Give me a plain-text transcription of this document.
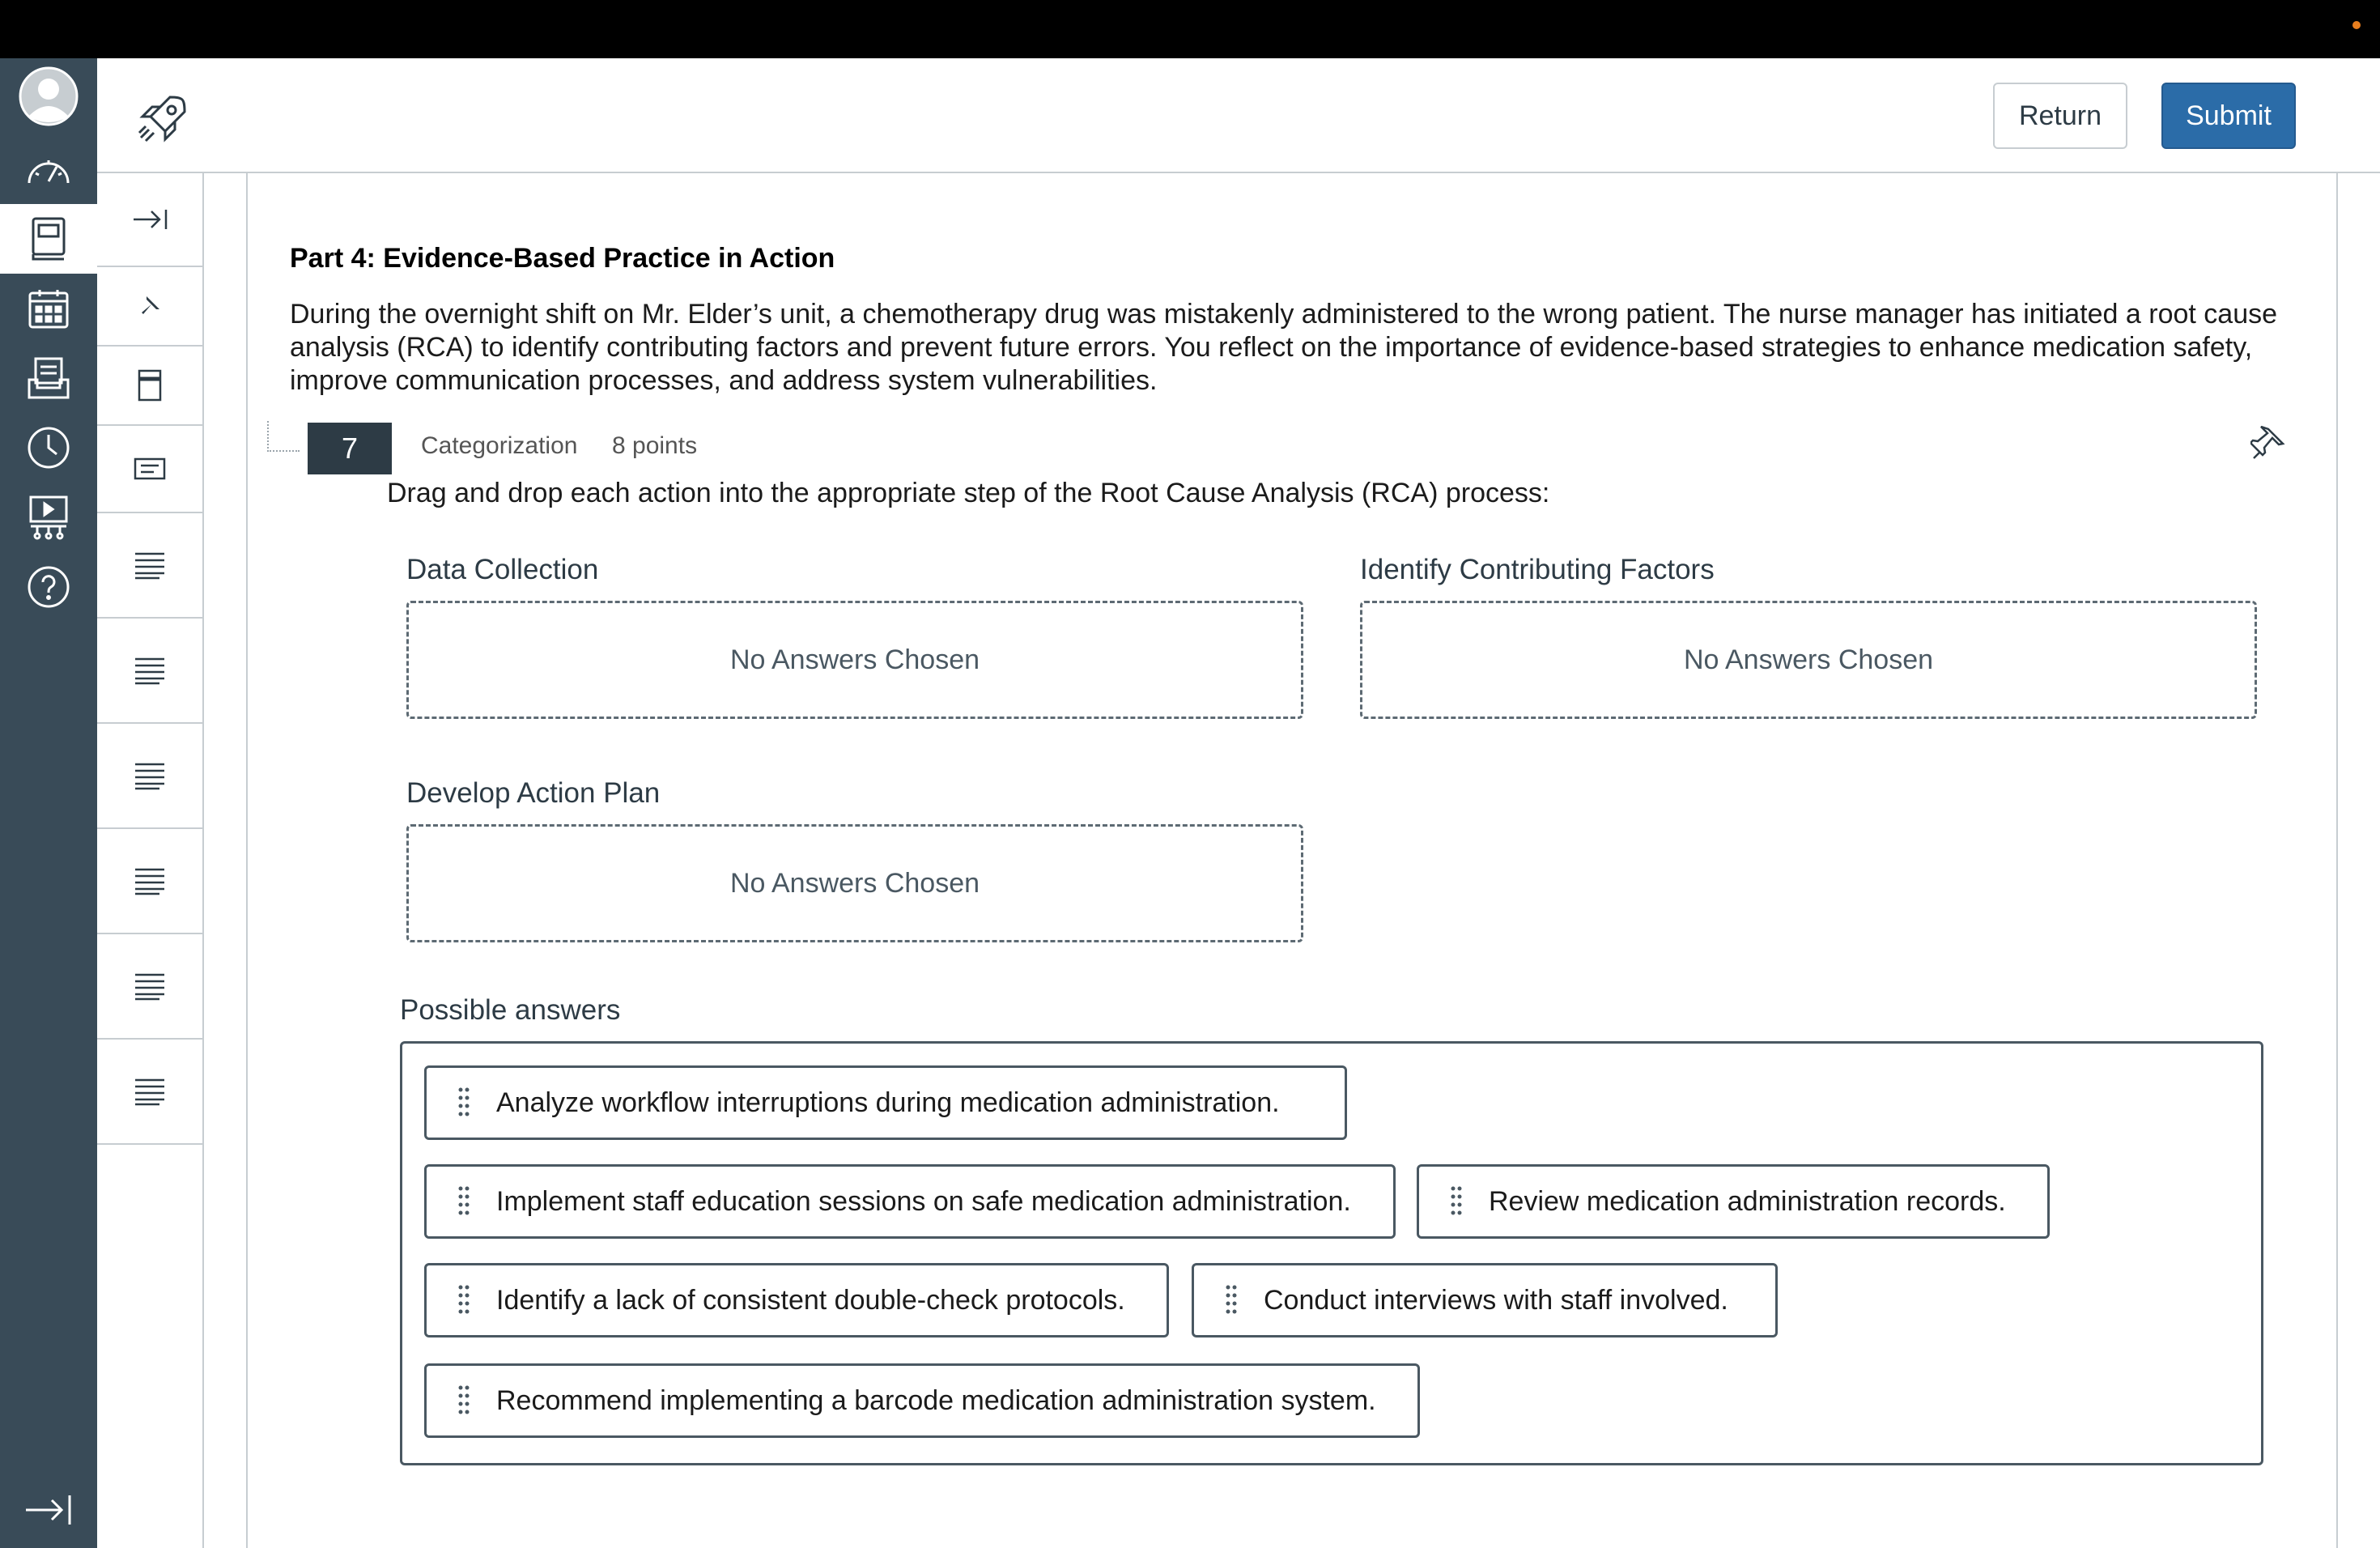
Return	Submit
Part 4: Evidence-Based Practice in Action
During the overnight shift on Mr. Elder’s unit, a chemotherapy drug was mistakenly administered to the wrong patient. The nurse manager has initiated a root cause analysis (RCA) to identify contributing factors and prevent future errors. You reflect on the importance of evidence-based strategies to enhance medication safety, improve communication processes, and address system vulnerabilities.
7	Categorization 8 points
Drag and drop each action into the appropriate step of the Root Cause Analysis (RCA) process:
Data Collection
No Answers Chosen
Identify Contributing Factors
No Answers Chosen
Develop Action Plan
No Answers Chosen
Possible answers
Analyze workflow interruptions during medication administration.
Implement staff education sessions on safe medication administration.	Review medication administration records.
Identify a lack of consistent double-check protocols.	Conduct interviews with staff involved.
Recommend implementing a barcode medication administration system.
